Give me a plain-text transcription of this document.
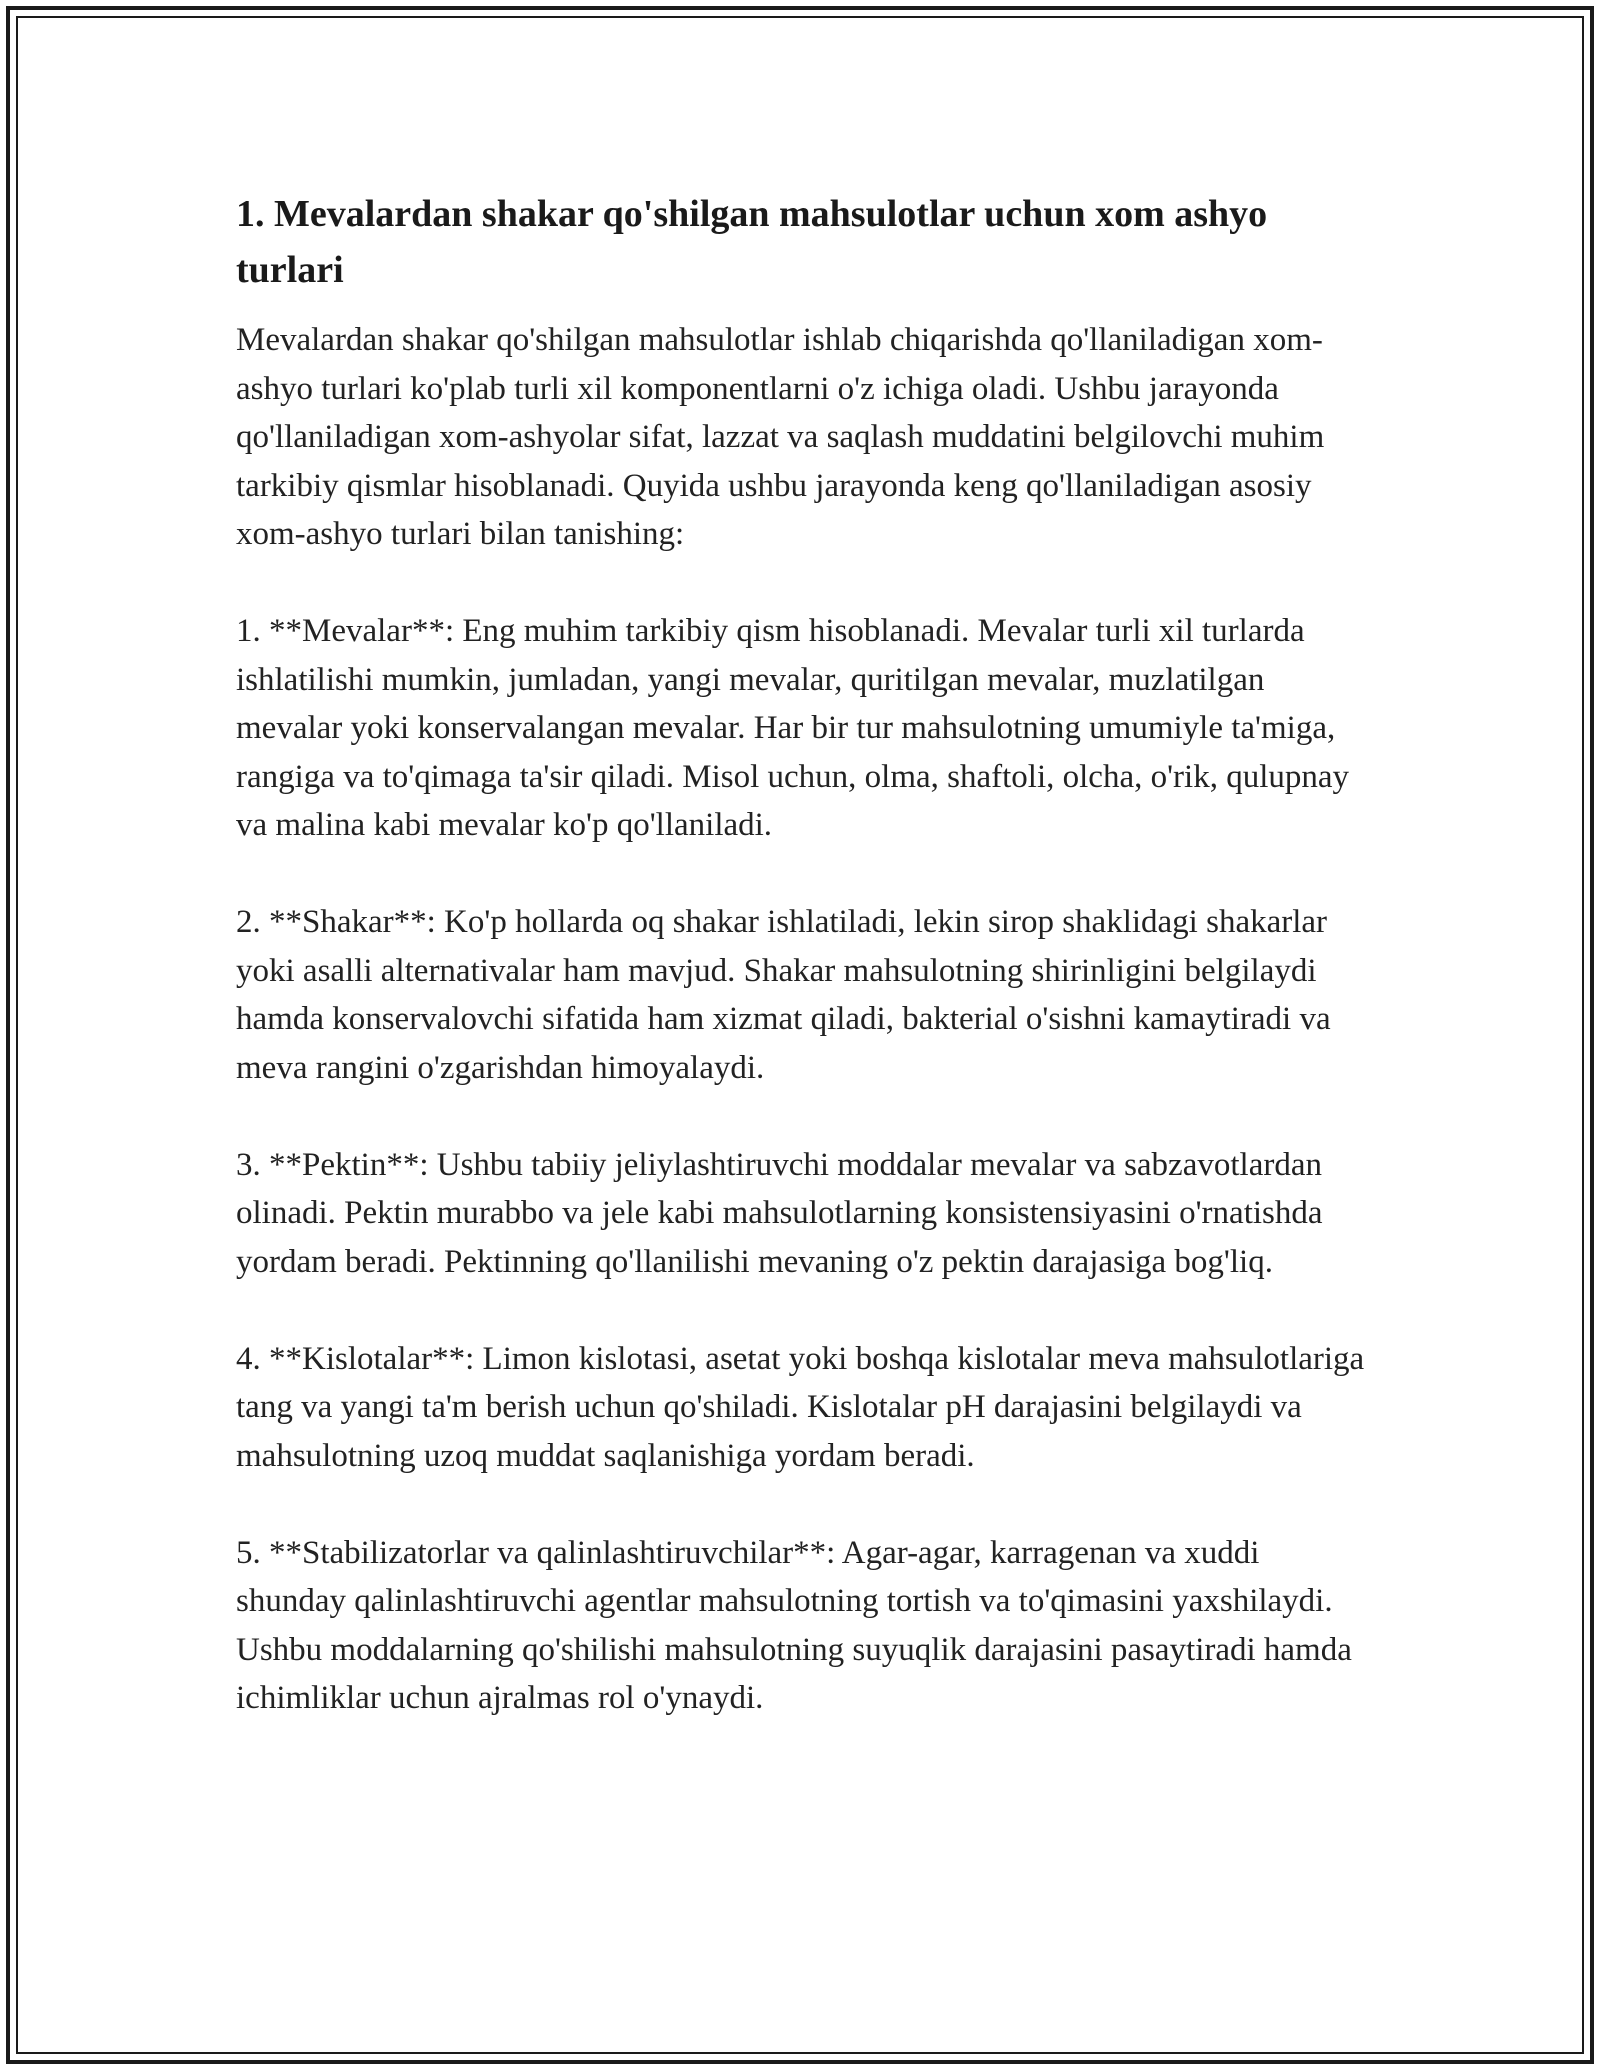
1. Mevalardan shakar qo'shilgan mahsulotlar uchun xom ashyo turlari

Mevalardan shakar qo'shilgan mahsulotlar ishlab chiqarishda qo'llaniladigan xom-ashyo turlari ko'plab turli xil komponentlarni o'z ichiga oladi. Ushbu jarayonda qo'llaniladigan xom-ashyolar sifat, lazzat va saqlash muddatini belgilovchi muhim tarkibiy qismlar hisoblanadi. Quyida ushbu jarayonda keng qo'llaniladigan asosiy xom-ashyo turlari bilan tanishing:

1. **Mevalar**: Eng muhim tarkibiy qism hisoblanadi. Mevalar turli xil turlarda ishlatilishi mumkin, jumladan, yangi mevalar, quritilgan mevalar, muzlatilgan mevalar yoki konservalangan mevalar. Har bir tur mahsulotning umumiyle ta'miga, rangiga va to'qimaga ta'sir qiladi. Misol uchun, olma, shaftoli, olcha, o'rik, qulupnay va malina kabi mevalar ko'p qo'llaniladi.

2. **Shakar**: Ko'p hollarda oq shakar ishlatiladi, lekin sirop shaklidagi shakarlar yoki asalli alternativalar ham mavjud. Shakar mahsulotning shirinligini belgilaydi hamda konservalovchi sifatida ham xizmat qiladi, bakterial o'sishni kamaytiradi va meva rangini o'zgarishdan himoyalaydi.

3. **Pektin**: Ushbu tabiiy jeliylashtiruvchi moddalar mevalar va sabzavotlardan olinadi. Pektin murabbo va jele kabi mahsulotlarning konsistensiyasini o'rnatishda yordam beradi. Pektinning qo'llanilishi mevaning o'z pektin darajasiga bog'liq.

4. **Kislotalar**: Limon kislotasi, asetat yoki boshqa kislotalar meva mahsulotlariga tang va yangi ta'm berish uchun qo'shiladi. Kislotalar pH darajasini belgilaydi va mahsulotning uzoq muddat saqlanishiga yordam beradi.

5. **Stabilizatorlar va qalinlashtiruvchilar**: Agar-agar, karragenan va xuddi shunday qalinlashtiruvchi agentlar mahsulotning tortish va to'qimasini yaxshilaydi. Ushbu moddalarning qo'shilishi mahsulotning suyuqlik darajasini pasaytiradi hamda ichimliklar uchun ajralmas rol o'ynaydi.
